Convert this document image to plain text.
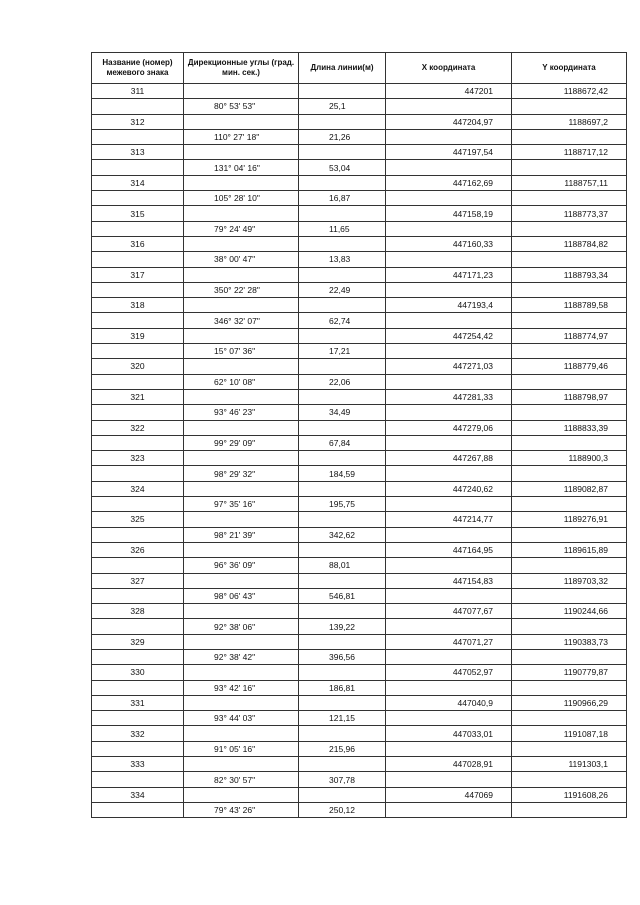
Название (номер) межевого знака	Дирекционные углы (град. мин. сек.)	Длина линии(м)	X координата	Y координата
311			447201	1188672,42
	80° 53' 53"	25,1		
312			447204,97	1188697,2
	110° 27' 18"	21,26		
313			447197,54	1188717,12
	131° 04' 16"	53,04		
314			447162,69	1188757,11
	105° 28' 10"	16,87		
315			447158,19	1188773,37
	79° 24' 49"	11,65		
316			447160,33	1188784,82
	38° 00' 47"	13,83		
317			447171,23	1188793,34
	350° 22' 28"	22,49		
318			447193,4	1188789,58
	346° 32' 07"	62,74		
319			447254,42	1188774,97
	15° 07' 36"	17,21		
320			447271,03	1188779,46
	62° 10' 08"	22,06		
321			447281,33	1188798,97
	93° 46' 23"	34,49		
322			447279,06	1188833,39
	99° 29' 09"	67,84		
323			447267,88	1188900,3
	98° 29' 32"	184,59		
324			447240,62	1189082,87
	97° 35' 16"	195,75		
325			447214,77	1189276,91
	98° 21' 39"	342,62		
326			447164,95	1189615,89
	96° 36' 09"	88,01		
327			447154,83	1189703,32
	98° 06' 43"	546,81		
328			447077,67	1190244,66
	92° 38' 06"	139,22		
329			447071,27	1190383,73
	92° 38' 42"	396,56		
330			447052,97	1190779,87
	93° 42' 16"	186,81		
331			447040,9	1190966,29
	93° 44' 03"	121,15		
332			447033,01	1191087,18
	91° 05' 16"	215,96		
333			447028,91	1191303,1
	82° 30' 57"	307,78		
334			447069	1191608,26
	79° 43' 26"	250,12		
